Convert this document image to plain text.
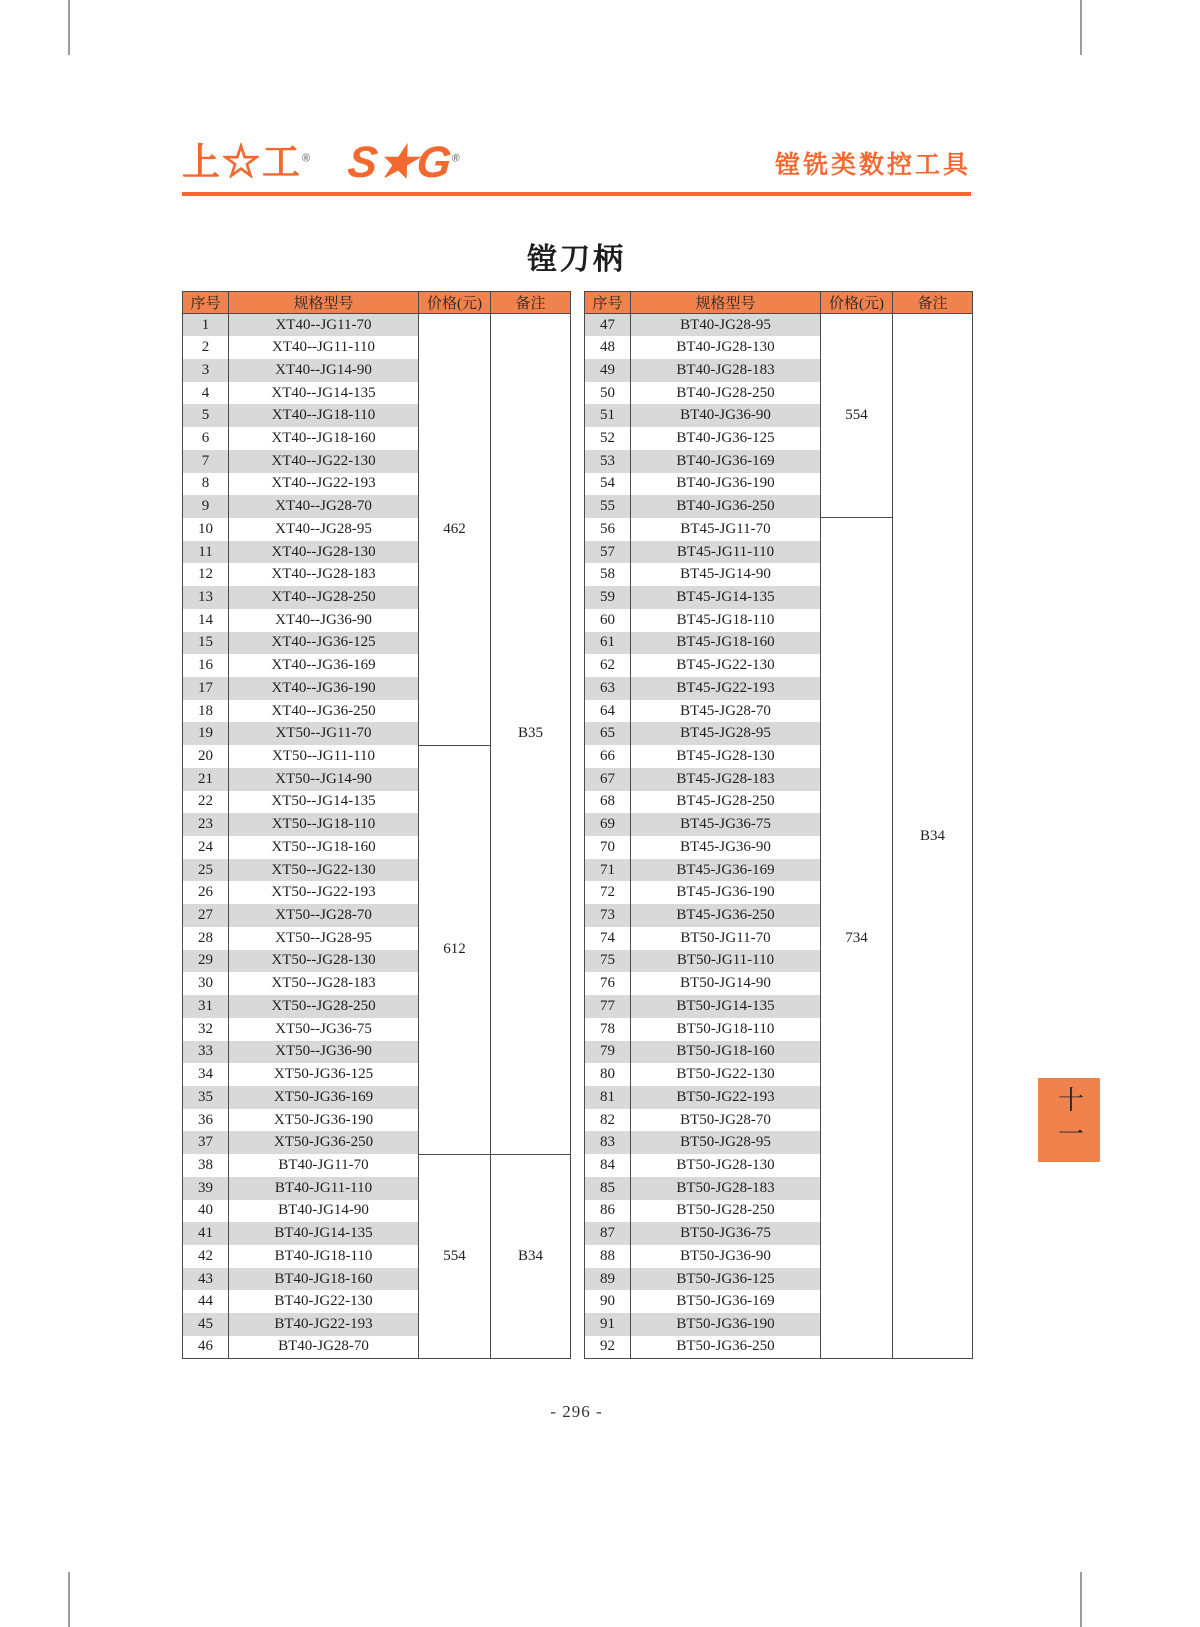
上☆工® S★G®	镗铣类数控工具
镗刀柄
序号	规格型号	价格(元)	备注
1	XT40--JG11-70	462	B35
2	XT40--JG11-110		
3	XT40--JG14-90		
4	XT40--JG14-135		
5	XT40--JG18-110		
6	XT40--JG18-160		
7	XT40--JG22-130		
8	XT40--JG22-193		
9	XT40--JG28-70		
10	XT40--JG28-95		
11	XT40--JG28-130		
12	XT40--JG28-183		
13	XT40--JG28-250		
14	XT40--JG36-90		
15	XT40--JG36-125		
16	XT40--JG36-169		
17	XT40--JG36-190		
18	XT40--JG36-250		
19	XT50--JG11-70		
20	XT50--JG11-110	612	
21	XT50--JG14-90		
22	XT50--JG14-135		
23	XT50--JG18-110		
24	XT50--JG18-160		
25	XT50--JG22-130		
26	XT50--JG22-193		
27	XT50--JG28-70		
28	XT50--JG28-95		
29	XT50--JG28-130		
30	XT50--JG28-183		
31	XT50--JG28-250		
32	XT50--JG36-75		
33	XT50--JG36-90		
34	XT50-JG36-125		
35	XT50-JG36-169		
36	XT50-JG36-190		
37	XT50-JG36-250		
38	BT40-JG11-70	554	B34
39	BT40-JG11-110		
40	BT40-JG14-90		
41	BT40-JG14-135		
42	BT40-JG18-110		
43	BT40-JG18-160		
44	BT40-JG22-130		
45	BT40-JG22-193		
46	BT40-JG28-70		
序号	规格型号	价格(元)	备注
47	BT40-JG28-95	554	B34
48	BT40-JG28-130		
49	BT40-JG28-183		
50	BT40-JG28-250		
51	BT40-JG36-90		
52	BT40-JG36-125		
53	BT40-JG36-169		
54	BT40-JG36-190		
55	BT40-JG36-250		
56	BT45-JG11-70	734	
57	BT45-JG11-110		
58	BT45-JG14-90		
59	BT45-JG14-135		
60	BT45-JG18-110		
61	BT45-JG18-160		
62	BT45-JG22-130		
63	BT45-JG22-193		
64	BT45-JG28-70		
65	BT45-JG28-95		
66	BT45-JG28-130		
67	BT45-JG28-183		
68	BT45-JG28-250		
69	BT45-JG36-75		
70	BT45-JG36-90		
71	BT45-JG36-169		
72	BT45-JG36-190		
73	BT45-JG36-250		
74	BT50-JG11-70		
75	BT50-JG11-110		
76	BT50-JG14-90		
77	BT50-JG14-135		
78	BT50-JG18-110		
79	BT50-JG18-160		
80	BT50-JG22-130		
81	BT50-JG22-193		
82	BT50-JG28-70		
83	BT50-JG28-95		
84	BT50-JG28-130		
85	BT50-JG28-183		
86	BT50-JG28-250		
87	BT50-JG36-75		
88	BT50-JG36-90		
89	BT50-JG36-125		
90	BT50-JG36-169		
91	BT50-JG36-190		
92	BT50-JG36-250		
- 296 -
十一
